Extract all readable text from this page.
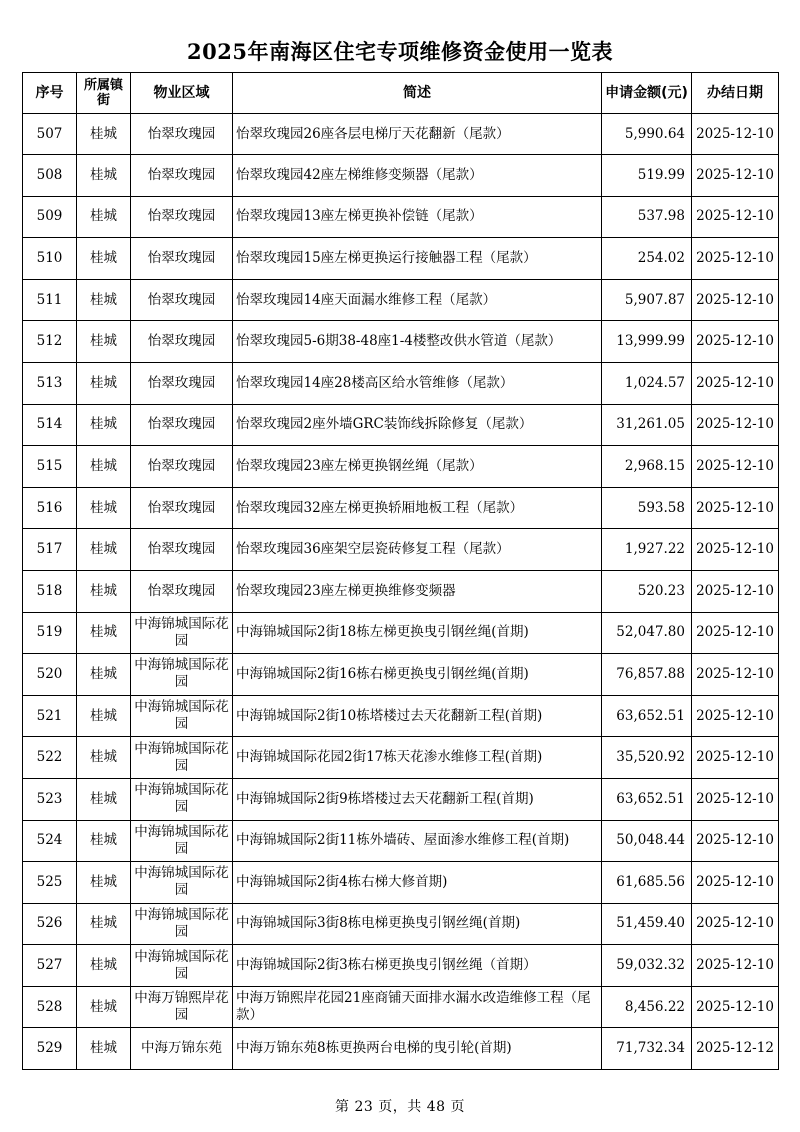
2025年南海区住宅专项维修资金使用一览表
序号	所属镇街	物业区域	简述	申请金额(元)	办结日期
507	桂城	怡翠玫瑰园	怡翠玫瑰园26座各层电梯厅天花翻新（尾款）	5,990.64	2025-12-10
508	桂城	怡翠玫瑰园	怡翠玫瑰园42座左梯维修变频器（尾款）	519.99	2025-12-10
509	桂城	怡翠玫瑰园	怡翠玫瑰园13座左梯更换补偿链（尾款）	537.98	2025-12-10
510	桂城	怡翠玫瑰园	怡翠玫瑰园15座左梯更换运行接触器工程（尾款）	254.02	2025-12-10
511	桂城	怡翠玫瑰园	怡翠玫瑰园14座天面漏水维修工程（尾款）	5,907.87	2025-12-10
512	桂城	怡翠玫瑰园	怡翠玫瑰园5-6期38-48座1-4楼整改供水管道（尾款）	13,999.99	2025-12-10
513	桂城	怡翠玫瑰园	怡翠玫瑰园14座28楼高区给水管维修（尾款）	1,024.57	2025-12-10
514	桂城	怡翠玫瑰园	怡翠玫瑰园2座外墙GRC装饰线拆除修复（尾款）	31,261.05	2025-12-10
515	桂城	怡翠玫瑰园	怡翠玫瑰园23座左梯更换钢丝绳（尾款）	2,968.15	2025-12-10
516	桂城	怡翠玫瑰园	怡翠玫瑰园32座左梯更换轿厢地板工程（尾款）	593.58	2025-12-10
517	桂城	怡翠玫瑰园	怡翠玫瑰园36座架空层瓷砖修复工程（尾款）	1,927.22	2025-12-10
518	桂城	怡翠玫瑰园	怡翠玫瑰园23座左梯更换维修变频器	520.23	2025-12-10
519	桂城	中海锦城国际花园	中海锦城国际2街18栋左梯更换曳引钢丝绳(首期)	52,047.80	2025-12-10
520	桂城	中海锦城国际花园	中海锦城国际2街16栋右梯更换曳引钢丝绳(首期)	76,857.88	2025-12-10
521	桂城	中海锦城国际花园	中海锦城国际2街10栋塔楼过去天花翻新工程(首期)	63,652.51	2025-12-10
522	桂城	中海锦城国际花园	中海锦城国际花园2街17栋天花渗水维修工程(首期)	35,520.92	2025-12-10
523	桂城	中海锦城国际花园	中海锦城国际2街9栋塔楼过去天花翻新工程(首期)	63,652.51	2025-12-10
524	桂城	中海锦城国际花园	中海锦城国际2街11栋外墙砖、屋面渗水维修工程(首期)	50,048.44	2025-12-10
525	桂城	中海锦城国际花园	中海锦城国际2街4栋右梯大修首期)	61,685.56	2025-12-10
526	桂城	中海锦城国际花园	中海锦城国际3街8栋电梯更换曳引钢丝绳(首期)	51,459.40	2025-12-10
527	桂城	中海锦城国际花园	中海锦城国际2街3栋右梯更换曳引钢丝绳（首期）	59,032.32	2025-12-10
528	桂城	中海万锦熙岸花园	中海万锦熙岸花园21座商铺天面排水漏水改造维修工程（尾款）	8,456.22	2025-12-10
529	桂城	中海万锦东苑	中海万锦东苑8栋更换两台电梯的曳引轮(首期)	71,732.34	2025-12-12
第 23 页，共 48 页
